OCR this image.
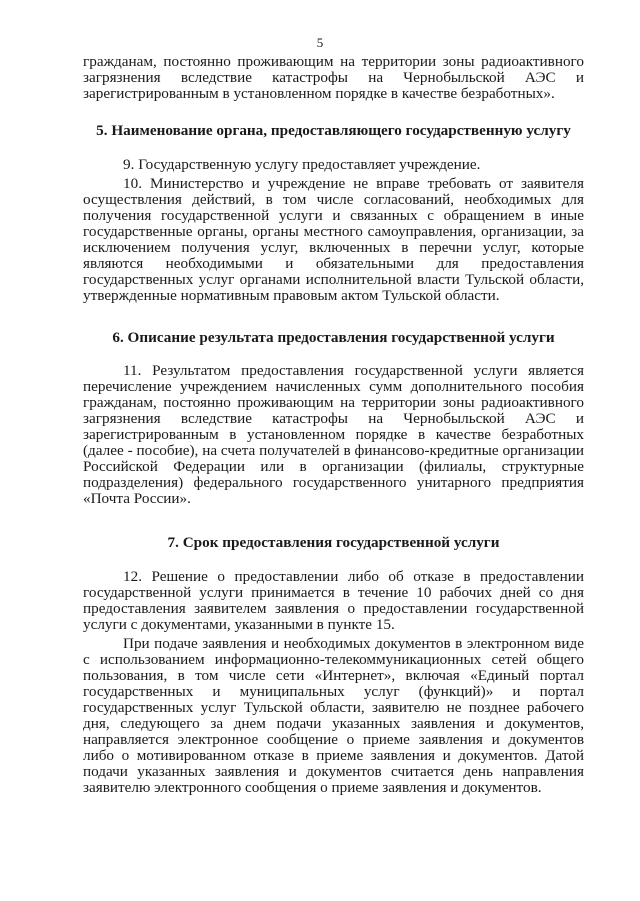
5

гражданам, постоянно проживающим на территории зоны радиоактивного загрязнения вследствие катастрофы на Чернобыльской АЭС и зарегистрированным в установленном порядке в качестве безработных».

5. Наименование органа, предоставляющего государственную услугу

9. Государственную услугу предоставляет учреждение.

10. Министерство и учреждение не вправе требовать от заявителя осуществления действий, в том числе согласований, необходимых для получения государственной услуги и связанных с обращением в иные государственные органы, органы местного самоуправления, организации, за исключением получения услуг, включенных в перечни услуг, которые являются необходимыми и обязательными для предоставления государственных услуг органами исполнительной власти Тульской области, утвержденные нормативным правовым актом Тульской области.

6. Описание результата предоставления государственной услуги

11. Результатом предоставления государственной услуги является перечисление учреждением начисленных сумм дополнительного пособия гражданам, постоянно проживающим на территории зоны радиоактивного загрязнения вследствие катастрофы на Чернобыльской АЭС и зарегистрированным в установленном порядке в качестве безработных (далее - пособие), на счета получателей в финансово-кредитные организации Российской Федерации или в организации (филиалы, структурные подразделения) федерального государственного унитарного предприятия «Почта России».

7. Срок предоставления государственной услуги

12. Решение о предоставлении либо об отказе в предоставлении государственной услуги принимается в течение 10 рабочих дней со дня предоставления заявителем заявления о предоставлении государственной услуги с документами, указанными в пункте 15.

При подаче заявления и необходимых документов в электронном виде с использованием информационно-телекоммуникационных сетей общего пользования, в том числе сети «Интернет», включая «Единый портал государственных и муниципальных услуг (функций)» и портал государственных услуг Тульской области, заявителю не позднее рабочего дня, следующего за днем подачи указанных заявления и документов, направляется электронное сообщение о приеме заявления и документов либо о мотивированном отказе в приеме заявления и документов. Датой подачи указанных заявления и документов считается день направления заявителю электронного сообщения о приеме заявления и документов.
